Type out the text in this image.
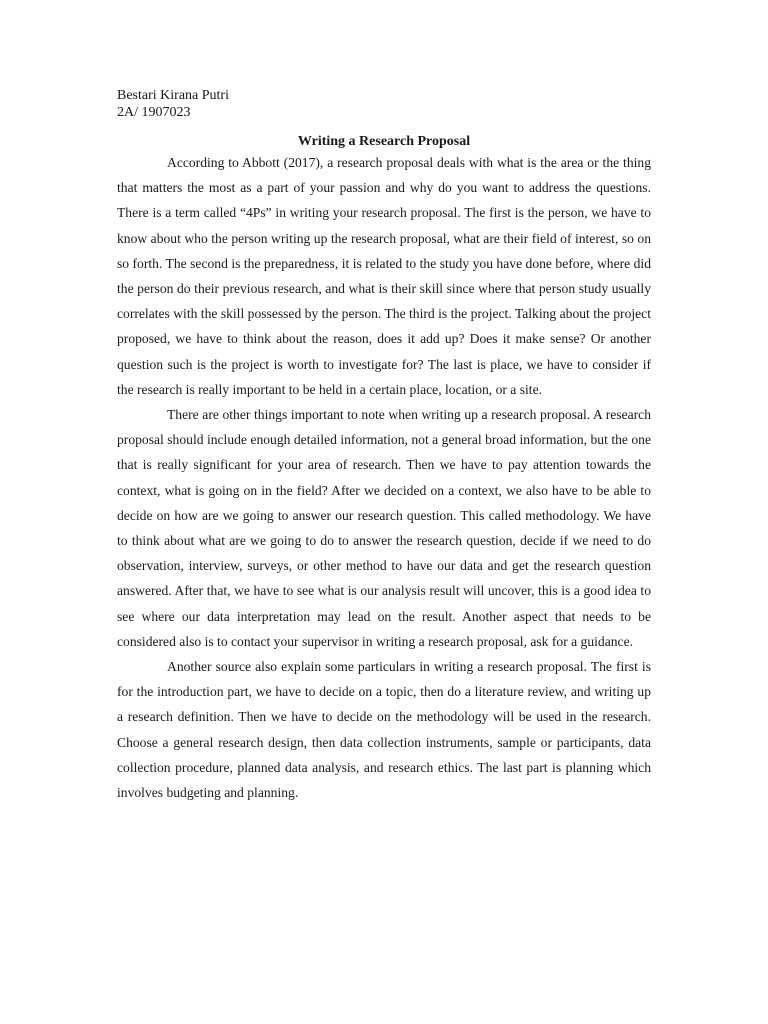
Bestari Kirana Putri

2A/ 1907023

Writing a Research Proposal

According to Abbott (2017), a research proposal deals with what is the area or the thing that matters the most as a part of your passion and why do you want to address the questions. There is a term called “4Ps” in writing your research proposal. The first is the person, we have to know about who the person writing up the research proposal, what are their field of interest, so on so forth. The second is the preparedness, it is related to the study you have done before, where did the person do their previous research, and what is their skill since where that person study usually correlates with the skill possessed by the person. The third is the project. Talking about the project proposed, we have to think about the reason, does it add up? Does it make sense? Or another question such is the project is worth to investigate for? The last is place, we have to consider if the research is really important to be held in a certain place, location, or a site.

There are other things important to note when writing up a research proposal. A research proposal should include enough detailed information, not a general broad information, but the one that is really significant for your area of research. Then we have to pay attention towards the context, what is going on in the field? After we decided on a context, we also have to be able to decide on how are we going to answer our research question. This called methodology. We have to think about what are we going to do to answer the research question, decide if we need to do observation, interview, surveys, or other method to have our data and get the research question answered. After that, we have to see what is our analysis result will uncover, this is a good idea to see where our data interpretation may lead on the result. Another aspect that needs to be considered also is to contact your supervisor in writing a research proposal, ask for a guidance.

Another source also explain some particulars in writing a research proposal. The first is for the introduction part, we have to decide on a topic, then do a literature review, and writing up a research definition. Then we have to decide on the methodology will be used in the research. Choose a general research design, then data collection instruments, sample or participants, data collection procedure, planned data analysis, and research ethics. The last part is planning which involves budgeting and planning.
